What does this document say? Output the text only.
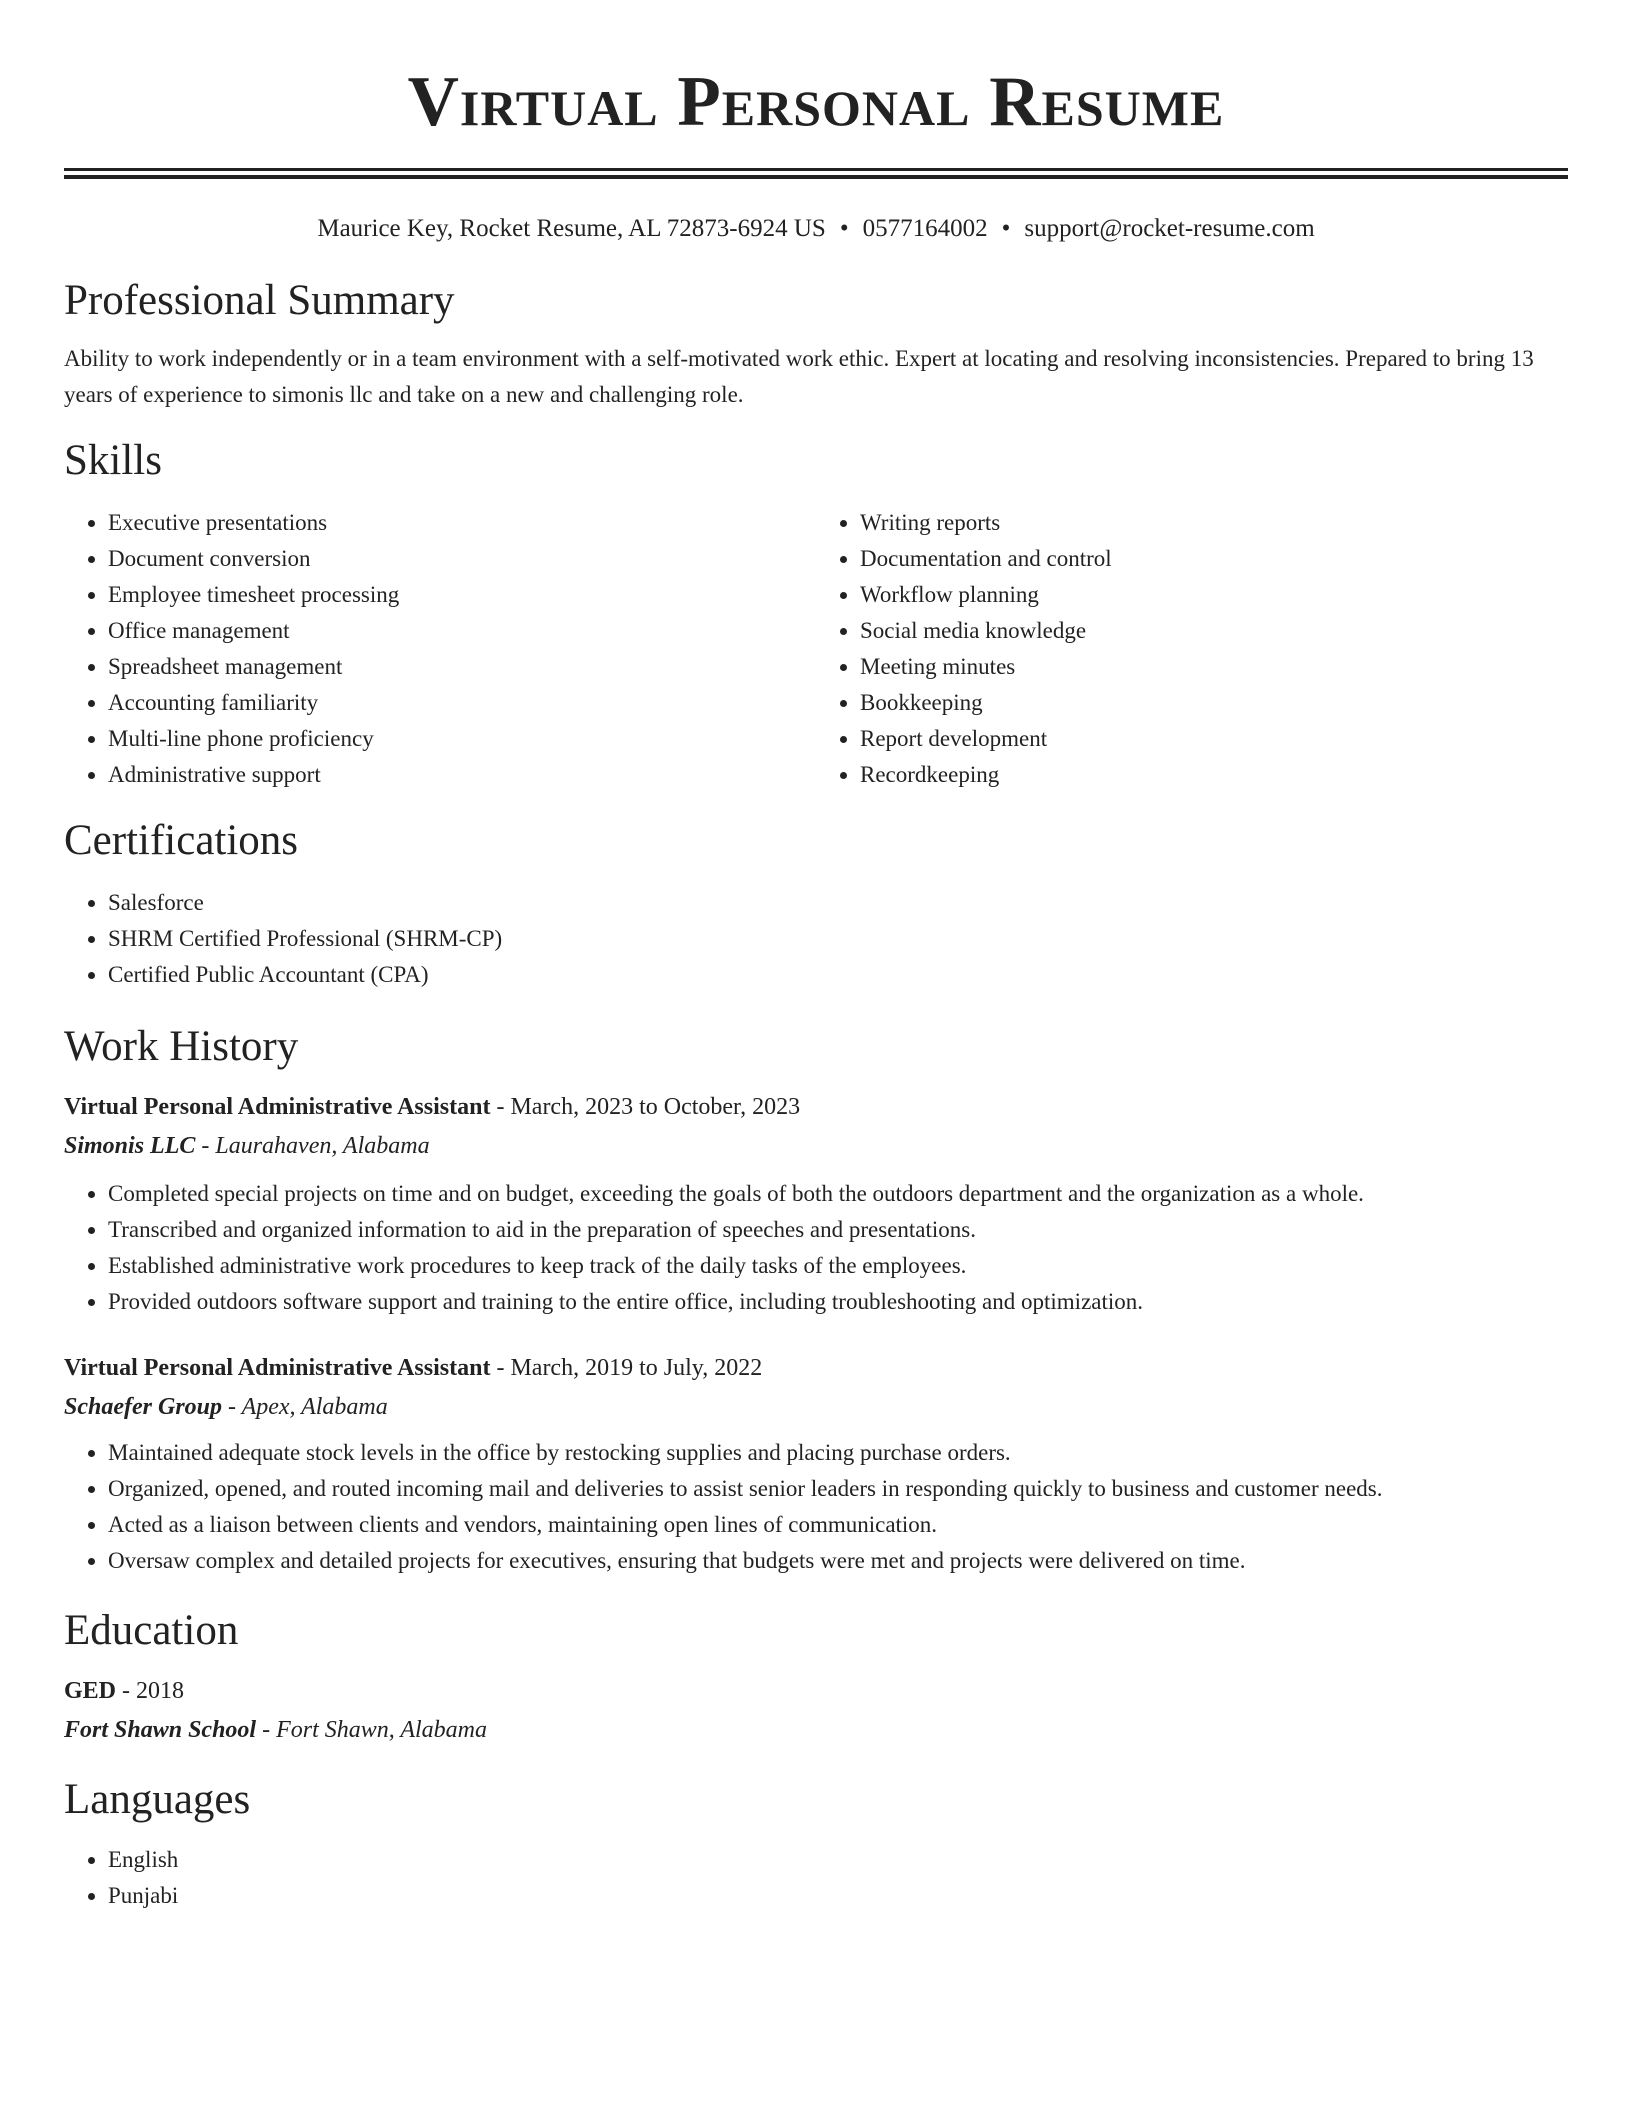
Virtual Personal Resume
Maurice Key, Rocket Resume, AL 72873-6924 US • 0577164002 • support@rocket-resume.com
Professional Summary

Ability to work independently or in a team environment with a self-motivated work ethic. Expert at locating and resolving inconsistencies. Prepared to bring 13 years of experience to simonis llc and take on a new and challenging role.

Skills
• Executive presentations
• Document conversion
• Employee timesheet processing
• Office management
• Spreadsheet management
• Accounting familiarity
• Multi-line phone proficiency
• Administrative support
• Writing reports
• Documentation and control
• Workflow planning
• Social media knowledge
• Meeting minutes
• Bookkeeping
• Report development
• Recordkeeping
Certifications
• Salesforce
• SHRM Certified Professional (SHRM-CP)
• Certified Public Accountant (CPA)
Work History
Virtual Personal Administrative Assistant - March, 2023 to October, 2023
Simonis LLC - Laurahaven, Alabama
• Completed special projects on time and on budget, exceeding the goals of both the outdoors department and the organization as a whole.
• Transcribed and organized information to aid in the preparation of speeches and presentations.
• Established administrative work procedures to keep track of the daily tasks of the employees.
• Provided outdoors software support and training to the entire office, including troubleshooting and optimization.
Virtual Personal Administrative Assistant - March, 2019 to July, 2022
Schaefer Group - Apex, Alabama
• Maintained adequate stock levels in the office by restocking supplies and placing purchase orders.
• Organized, opened, and routed incoming mail and deliveries to assist senior leaders in responding quickly to business and customer needs.
• Acted as a liaison between clients and vendors, maintaining open lines of communication.
• Oversaw complex and detailed projects for executives, ensuring that budgets were met and projects were delivered on time.
Education
GED - 2018
Fort Shawn School - Fort Shawn, Alabama
Languages
• English
• Punjabi
